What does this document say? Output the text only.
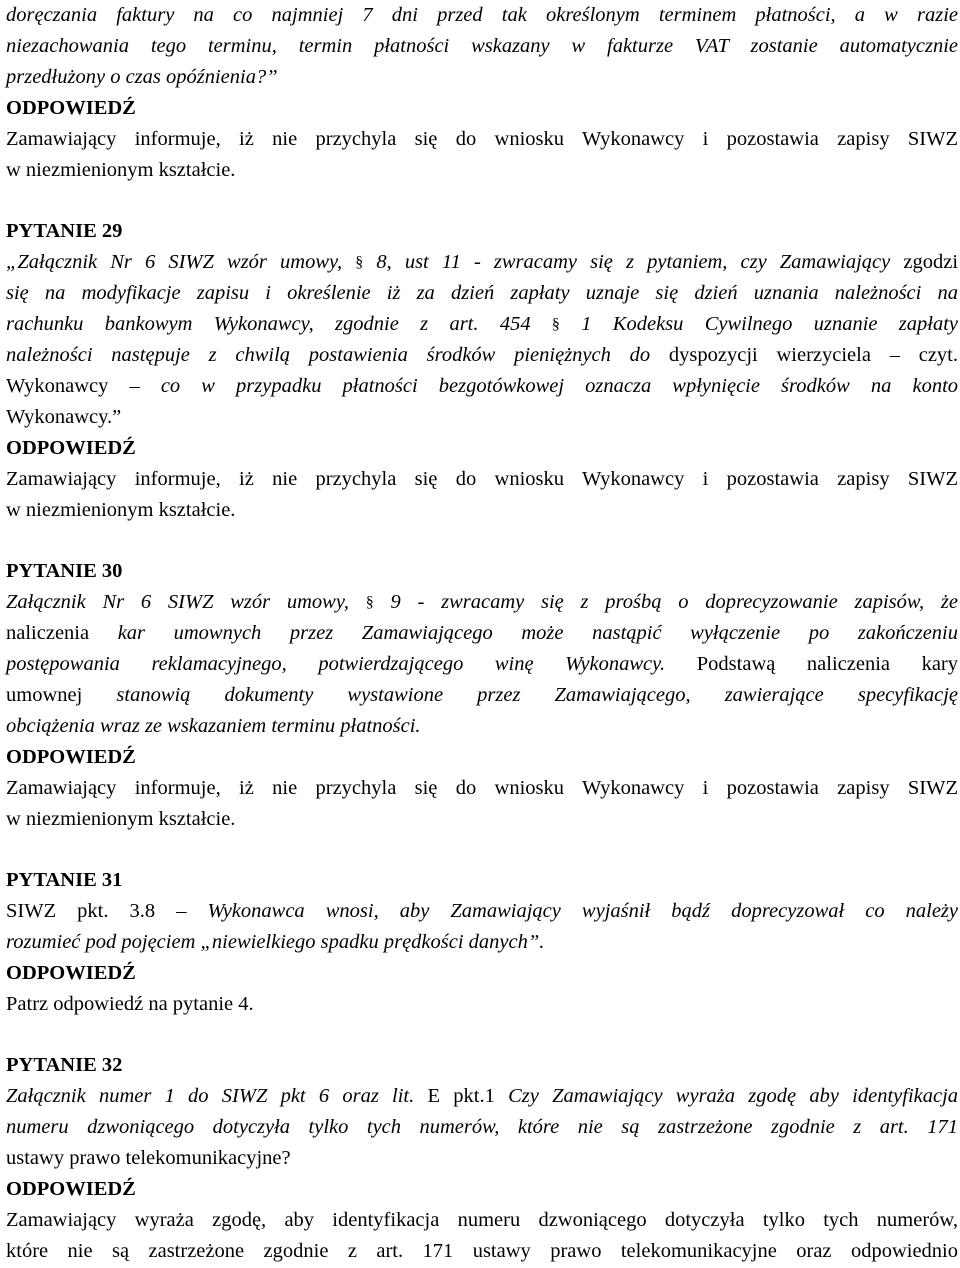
doręczania faktury na co najmniej 7 dni przed tak określonym terminem płatności, a w razie
niezachowania tego terminu, termin płatności wskazany w fakturze VAT zostanie automatycznie
przedłużony o czas opóźnienia?”
ODPOWIEDŹ
Zamawiający informuje, iż nie przychyla się do wniosku Wykonawcy i pozostawia zapisy SIWZ
w niezmienionym kształcie.
PYTANIE 29
„Załącznik Nr 6 SIWZ wzór umowy, § 8, ust 11 - zwracamy się z pytaniem, czy Zamawiający zgodzi
się na modyfikacje zapisu i określenie iż za dzień zapłaty uznaje się dzień uznania należności na
rachunku bankowym Wykonawcy, zgodnie z art. 454 § 1 Kodeksu Cywilnego uznanie zapłaty
należności następuje z chwilą postawienia środków pieniężnych do dyspozycji wierzyciela – czyt.
Wykonawcy – co w przypadku płatności bezgotówkowej oznacza wpłynięcie środków na konto
Wykonawcy.”
ODPOWIEDŹ
Zamawiający informuje, iż nie przychyla się do wniosku Wykonawcy i pozostawia zapisy SIWZ
w niezmienionym kształcie.
PYTANIE 30
Załącznik Nr 6 SIWZ wzór umowy, § 9 - zwracamy się z prośbą o doprecyzowanie zapisów, że
naliczenia kar umownych przez Zamawiającego może nastąpić wyłączenie po zakończeniu
postępowania reklamacyjnego, potwierdzającego winę Wykonawcy. Podstawą naliczenia kary
umownej stanowią dokumenty wystawione przez Zamawiającego, zawierające specyfikację
obciążenia wraz ze wskazaniem terminu płatności.
ODPOWIEDŹ
Zamawiający informuje, iż nie przychyla się do wniosku Wykonawcy i pozostawia zapisy SIWZ
w niezmienionym kształcie.
PYTANIE 31
SIWZ pkt. 3.8 – Wykonawca wnosi, aby Zamawiający wyjaśnił bądź doprecyzował co należy
rozumieć pod pojęciem „niewielkiego spadku prędkości danych”.
ODPOWIEDŹ
Patrz odpowiedź na pytanie 4.
PYTANIE 32
Załącznik numer 1 do SIWZ pkt 6 oraz lit. E pkt.1 Czy Zamawiający wyraża zgodę aby identyfikacja
numeru dzwoniącego dotyczyła tylko tych numerów, które nie są zastrzeżone zgodnie z art. 171
ustawy prawo telekomunikacyjne?
ODPOWIEDŹ
Zamawiający wyraża zgodę, aby identyfikacja numeru dzwoniącego dotyczyła tylko tych numerów,
które nie są zastrzeżone zgodnie z art. 171 ustawy prawo telekomunikacyjne oraz odpowiednio
